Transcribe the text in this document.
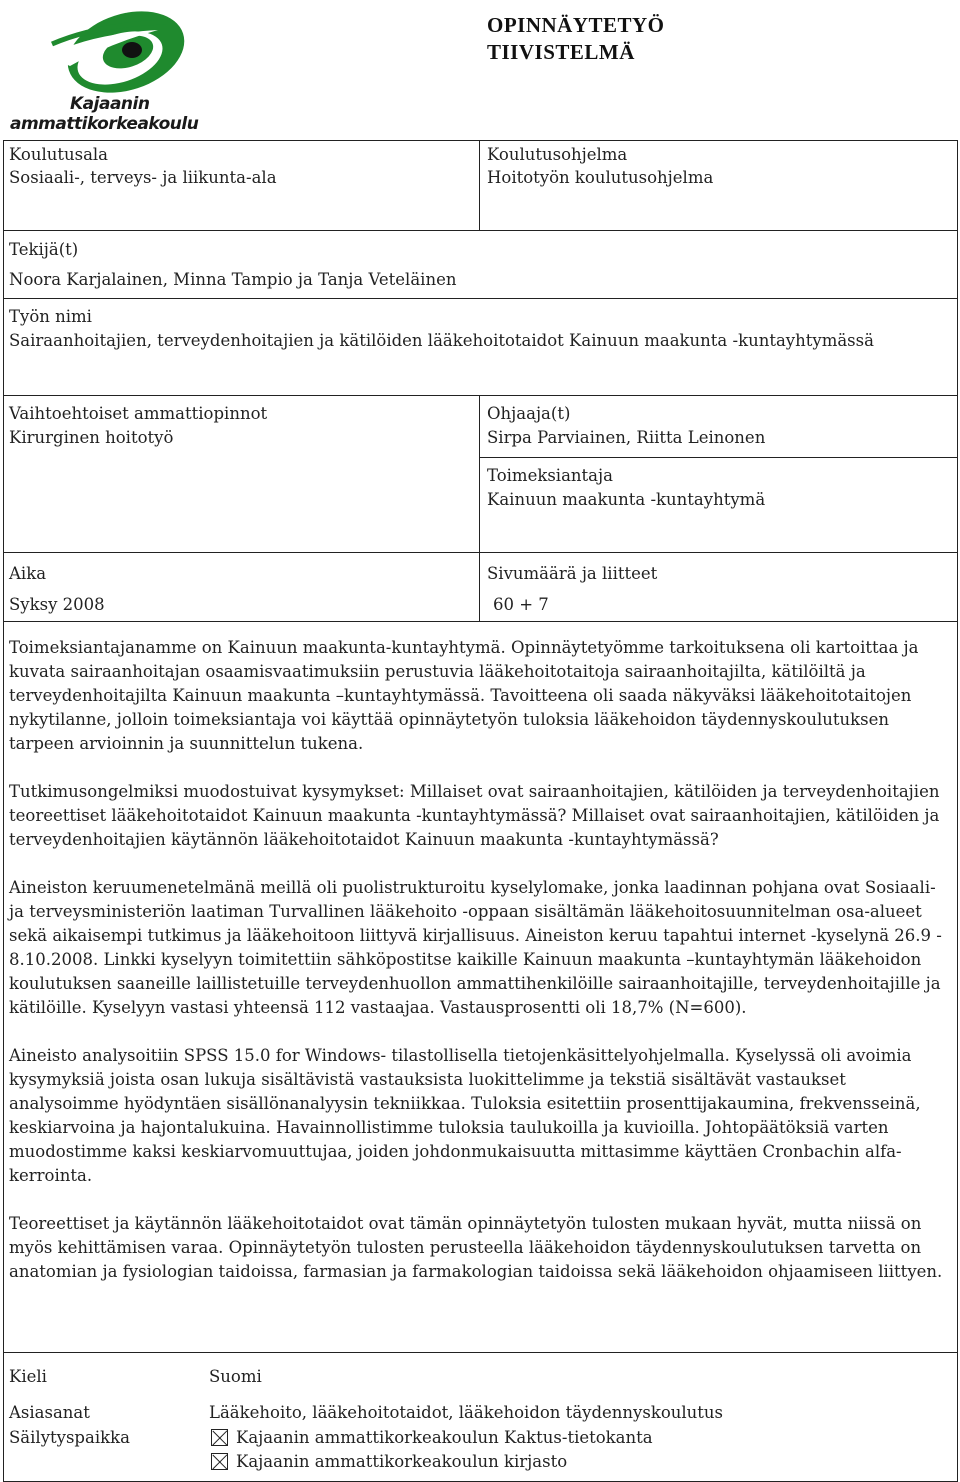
Kajaanin
ammattikorkeakoulu
OPINNÄYTETYÖ
TIIVISTELMÄ
Koulutusala
Sosiaali-, terveys- ja liikunta-ala
Koulutusohjelma
Hoitotyön koulutusohjelma
Tekijä(t)
Noora Karjalainen, Minna Tampio ja Tanja Veteläinen
Työn nimi
Sairaanhoitajien, terveydenhoitajien ja kätilöiden lääkehoitotaidot Kainuun maakunta -kuntayhtymässä
Vaihtoehtoiset ammattiopinnot
Kirurginen hoitotyö
Ohjaaja(t)
Sirpa Parviainen, Riitta Leinonen
Toimeksiantaja
Kainuun maakunta -kuntayhtymä
Aika
Syksy 2008
Sivumäärä ja liitteet
60 + 7

Toimeksiantajanamme on Kainuun maakunta-kuntayhtymä. Opinnäytetyömme tarkoituksena oli kartoittaa ja kuvata sairaanhoitajan osaamisvaatimuksiin perustuvia lääkehoitotaitoja sairaanhoitajilta, kätilöiltä ja terveydenhoitajilta Kainuun maakunta –kuntayhtymässä. Tavoitteena oli saada näkyväksi lääkehoitotaitojen nykytilanne, jolloin toimeksiantaja voi käyttää opinnäytetyön tuloksia lääkehoidon täydennyskoulutuksen tarpeen arvioinnin ja suunnittelun tukena.

Tutkimusongelmiksi muodostuivat kysymykset: Millaiset ovat sairaanhoitajien, kätilöiden ja terveydenhoitajien teoreettiset lääkehoitotaidot Kainuun maakunta -kuntayhtymässä? Millaiset ovat sairaanhoitajien, kätilöiden ja terveydenhoitajien käytännön lääkehoitotaidot Kainuun maakunta -kuntayhtymässä?

Aineiston keruumenetelmänä meillä oli puolistrukturoitu kyselylomake, jonka laadinnan pohjana ovat Sosiaali- ja terveysministeriön laatiman Turvallinen lääkehoito -oppaan sisältämän lääkehoitosuunnitelman osa-alueet sekä aikaisempi tutkimus ja lääkehoitoon liittyvä kirjallisuus. Aineiston keruu tapahtui internet -kyselynä 26.9 - 8.10.2008. Linkki kyselyyn toimitettiin sähköpostitse kaikille Kainuun maakunta –kuntayhtymän lääkehoidon koulutuksen saaneille laillistetuille terveydenhuollon ammattihenkilöille sairaanhoitajille, terveydenhoitajille ja kätilöille. Kyselyyn vastasi yhteensä 112 vastaajaa. Vastausprosentti oli 18,7% (N=600).

Aineisto analysoitiin SPSS 15.0 for Windows- tilastollisella tietojenkäsittelyohjelmalla. Kyselyssä oli avoimia kysymyksiä joista osan lukuja sisältävistä vastauksista luokittelimme ja tekstiä sisältävät vastaukset analysoimme hyödyntäen sisällönanalyysin tekniikkaa. Tuloksia esitettiin prosenttijakaumina, frekvensseinä, keskiarvoina ja hajontalukuina. Havainnollistimme tuloksia taulukoilla ja kuvioilla. Johtopäätöksiä varten muodostimme kaksi keskiarvomuuttujaa, joiden johdonmukaisuutta mittasimme käyttäen Cronbachin alfa-kerrointa.

Teoreettiset ja käytännön lääkehoitotaidot ovat tämän opinnäytetyön tulosten mukaan hyvät, mutta niissä on myös kehittämisen varaa. Opinnäytetyön tulosten perusteella lääkehoidon täydennyskoulutuksen tarvetta on anatomian ja fysiologian taidoissa, farmasian ja farmakologian taidoissa sekä lääkehoidon ohjaamiseen liittyen.

Kieli	Suomi
Asiasanat	Lääkehoito, lääkehoitotaidot, lääkehoidon täydennyskoulutus
Säilytyspaikka	Kajaanin ammattikorkeakoulun Kaktus-tietokanta
Kajaanin ammattikorkeakoulun kirjasto
